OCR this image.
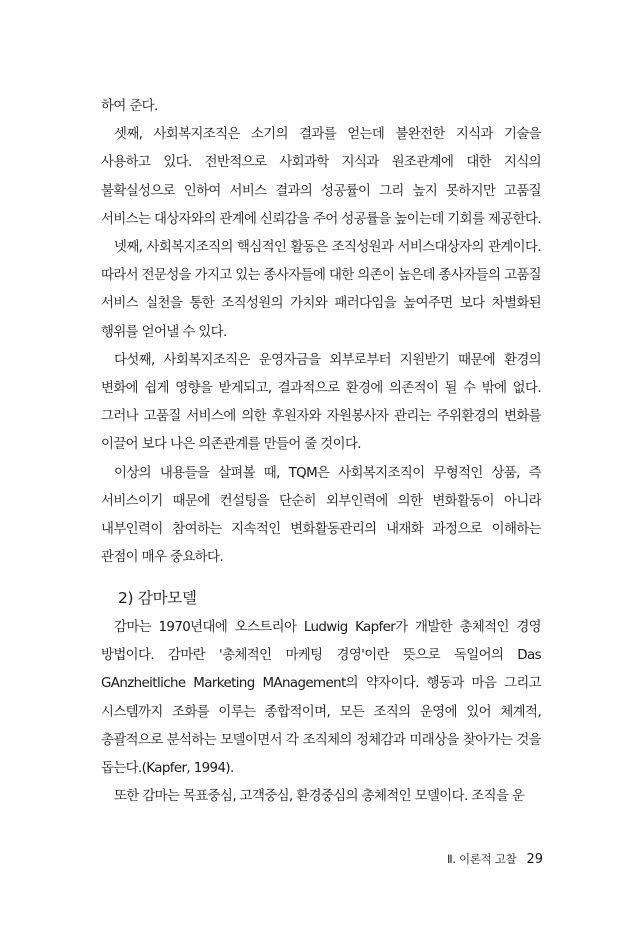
하여 준다.

셋째, 사회복지조직은 소기의 결과를 얻는데 불완전한 지식과 기술을 사용하고 있다. 전반적으로 사회과학 지식과 원조관계에 대한 지식의 불확실성으로 인하여 서비스 결과의 성공률이 그리 높지 못하지만 고품질 서비스는 대상자와의 관계에 신뢰감을 주어 성공률을 높이는데 기회를 제공한다.

넷째, 사회복지조직의 핵심적인 활동은 조직성원과 서비스대상자의 관계이다. 따라서 전문성을 가지고 있는 종사자들에 대한 의존이 높은데 종사자들의 고품질 서비스 실천을 통한 조직성원의 가치와 패러다임을 높여주면 보다 차별화된 행위를 얻어낼 수 있다.

다섯째, 사회복지조직은 운영자금을 외부로부터 지원받기 때문에 환경의 변화에 쉽게 영향을 받게되고, 결과적으로 환경에 의존적이 될 수 밖에 없다. 그러나 고품질 서비스에 의한 후원자와 자원봉사자 관리는 주위환경의 변화를 이끌어 보다 나은 의존관계를 만들어 줄 것이다.

이상의 내용들을 살펴볼 때, TQM은 사회복지조직이 무형적인 상품, 즉 서비스이기 때문에 컨설팅을 단순히 외부인력에 의한 변화활동이 아니라 내부인력이 참여하는 지속적인 변화활동관리의 내재화 과정으로 이해하는 관점이 매우 중요하다.

2) 감마모델

감마는 1970년대에 오스트리아 Ludwig Kapfer가 개발한 총체적인 경영 방법이다. 감마란 '총체적인 마케팅 경영'이란 뜻으로 독일어의 Das GAnzheitliche Marketing MAnagement의 약자이다. 행동과 마음 그리고 시스템까지 조화를 이루는 종합적이며, 모든 조직의 운영에 있어 체계적, 총괄적으로 분석하는 모델이면서 각 조직체의 정체감과 미래상을 찾아가는 것을 돕는다.(Kapfer, 1994).

또한 감마는 목표중심, 고객중심, 환경중심의 총체적인 모델이다. 조직을 운

Ⅱ. 이론적 고찰 29
